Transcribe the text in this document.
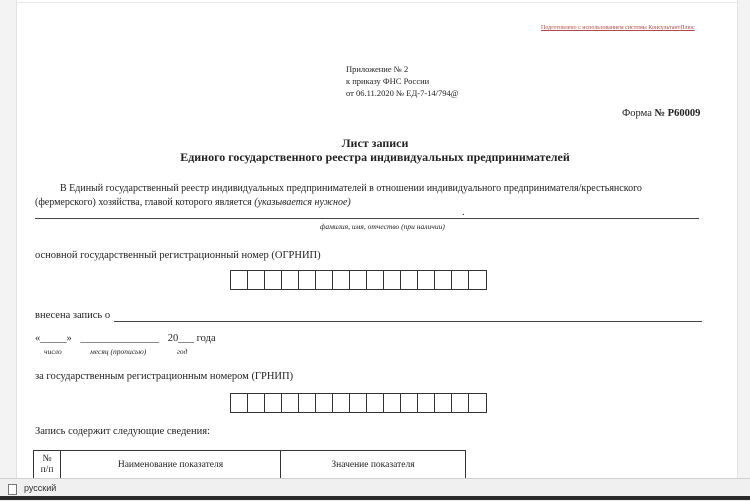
Подготовлено с использованием системы КонсультантПлюс
Приложение № 2
к приказу ФНС России
от 06.11.2020 № ЕД-7-14/794@
Форма № Р60009
Лист записи
Единого государственного реестра индивидуальных предпринимателей
В Единый государственный реестр индивидуальных предпринимателей в отношении индивидуального предпринимателя/крестьянского
(фермерского) хозяйства, главой которого является (указывается нужное)
.
фамилия, имя, отчество (при наличии)
основной государственный регистрационный номер (ОГРНИП)
внесена запись о
«_____» _______________ 20___ года
число	месяц (прописью)	год
за государственным регистрационным номером (ГРНИП)
Запись содержит следующие сведения:
№
п/п	Наименование показателя	Значение показателя
русский
